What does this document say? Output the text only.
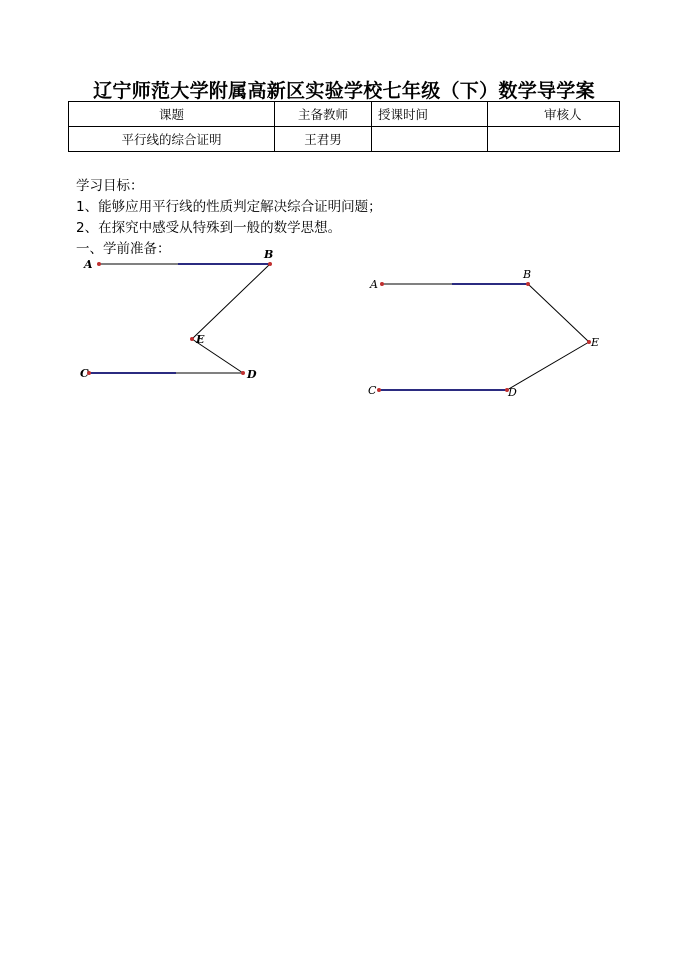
辽宁师范大学附属高新区实验学校七年级（下）数学导学案
课题	主备教师	授课时间	审核人
平行线的综合证明	王君男		
学习目标：
1、能够应用平行线的性质判定解决综合证明问题；
2、在探究中感受从特殊到一般的数学思想。
一、学前准备：
A
B
E
D
C
A
B
E
D
C
